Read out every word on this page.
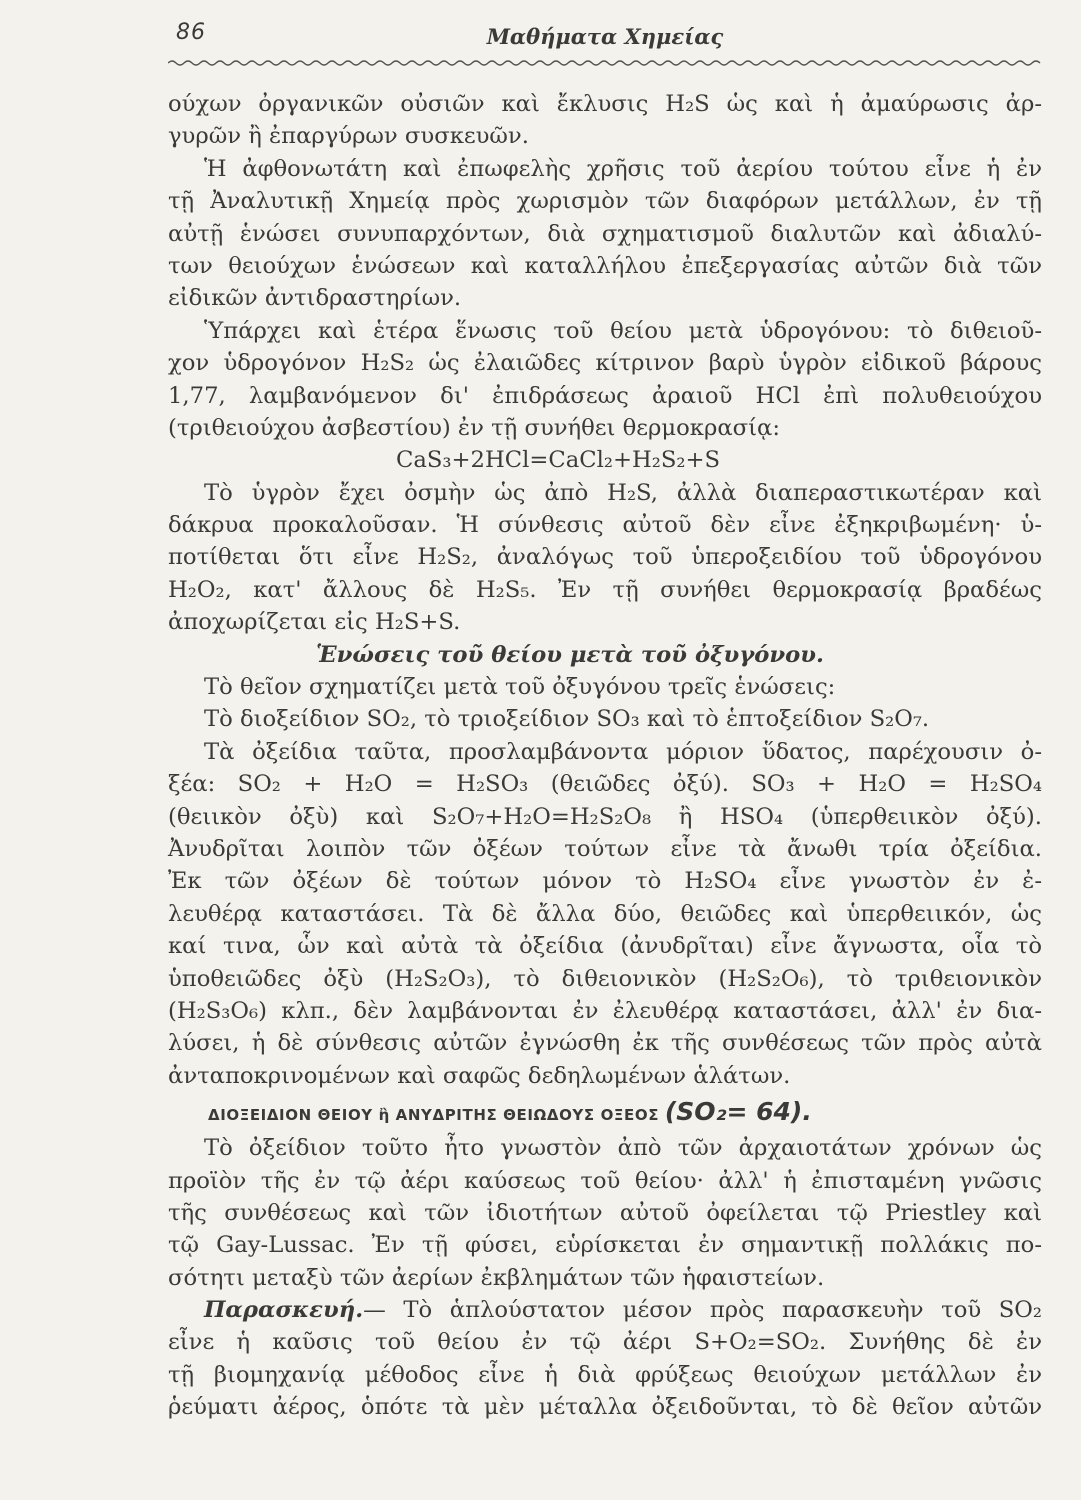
86	Μαθήματα Χημείας
ούχων ὀργανικῶν οὐσιῶν καὶ ἔκλυσις H₂S ὡς καὶ ἡ ἀμαύρωσις ἀρ-
γυρῶν ἢ ἐπαργύρων συσκευῶν.
Ἡ ἀφθονωτάτη καὶ ἐπωφελὴς χρῆσις τοῦ ἀερίου τούτου εἶνε ἡ ἐν
τῇ Ἀναλυτικῇ Χημείᾳ πρὸς χωρισμὸν τῶν διαφόρων μετάλλων, ἐν τῇ
αὐτῇ ἑνώσει συνυπαρχόντων, διὰ σχηματισμοῦ διαλυτῶν καὶ ἀδιαλύ-
των θειούχων ἑνώσεων καὶ καταλλήλου ἐπεξεργασίας αὐτῶν διὰ τῶν
εἰδικῶν ἀντιδραστηρίων.
Ὑπάρχει καὶ ἑτέρα ἕνωσις τοῦ θείου μετὰ ὑδρογόνου: τὸ διθειοῦ-
χον ὑδρογόνον H₂S₂ ὡς ἐλαιῶδες κίτρινον βαρὺ ὑγρὸν εἰδικοῦ βάρους
1,77, λαμβανόμενον δι' ἐπιδράσεως ἀραιοῦ HCl ἐπὶ πολυθειούχου
(τριθειούχου ἀσβεστίου) ἐν τῇ συνήθει θερμοκρασίᾳ:
CaS₃+2HCl=CaCl₂+H₂S₂+S
Τὸ ὑγρὸν ἔχει ὀσμὴν ὡς ἀπὸ H₂S, ἀλλὰ διαπεραστικωτέραν καὶ
δάκρυα προκαλοῦσαν. Ἡ σύνθεσις αὐτοῦ δὲν εἶνε ἐξηκριβωμένη· ὑ-
ποτίθεται ὅτι εἶνε H₂S₂, ἀναλόγως τοῦ ὑπεροξειδίου τοῦ ὑδρογόνου
H₂O₂, κατ' ἄλλους δὲ H₂S₅. Ἐν τῇ συνήθει θερμοκρασίᾳ βραδέως
ἀποχωρίζεται εἰς H₂S+S.
Ἑνώσεις τοῦ θείου μετὰ τοῦ ὀξυγόνου.
Τὸ θεῖον σχηματίζει μετὰ τοῦ ὀξυγόνου τρεῖς ἑνώσεις:
Τὸ διοξείδιον SO₂, τὸ τριοξείδιον SO₃ καὶ τὸ ἑπτοξείδιον S₂O₇.
Τὰ ὀξείδια ταῦτα, προσλαμβάνοντα μόριον ὕδατος, παρέχουσιν ὀ-
ξέα: SO₂ + H₂O = H₂SO₃ (θειῶδες ὀξύ). SO₃ + H₂O = H₂SO₄
(θειικὸν ὀξὺ) καὶ S₂O₇+H₂O=H₂S₂O₈ ἢ HSO₄ (ὑπερθειικὸν ὀξύ).
Ἀνυδρῖται λοιπὸν τῶν ὀξέων τούτων εἶνε τὰ ἄνωθι τρία ὀξείδια.
Ἐκ τῶν ὀξέων δὲ τούτων μόνον τὸ H₂SO₄ εἶνε γνωστὸν ἐν ἐ-
λευθέρᾳ καταστάσει. Τὰ δὲ ἄλλα δύο, θειῶδες καὶ ὑπερθειικόν, ὡς
καί τινα, ὧν καὶ αὐτὰ τὰ ὀξείδια (ἀνυδρῖται) εἶνε ἄγνωστα, οἷα τὸ
ὑποθειῶδες ὀξὺ (H₂S₂O₃), τὸ διθειονικὸν (H₂S₂O₆), τὸ τριθειονικὸν
(H₂S₃O₆) κλπ., δὲν λαμβάνονται ἐν ἐλευθέρᾳ καταστάσει, ἀλλ' ἐν δια-
λύσει, ἡ δὲ σύνθεσις αὐτῶν ἐγνώσθη ἐκ τῆς συνθέσεως τῶν πρὸς αὐτὰ
ἀνταποκρινομένων καὶ σαφῶς δεδηλωμένων ἁλάτων.
ΔΙΟΞΕΙΔΙΟΝ ΘΕΙΟΥ ἢ ΑΝΥΔΡΙΤΗΣ ΘΕΙΩΔΟΥΣ ΟΞΕΟΣ (SO₂= 64).
Τὸ ὀξείδιον τοῦτο ἦτο γνωστὸν ἀπὸ τῶν ἀρχαιοτάτων χρόνων ὡς
προϊὸν τῆς ἐν τῷ ἀέρι καύσεως τοῦ θείου· ἀλλ' ἡ ἐπισταμένη γνῶσις
τῆς συνθέσεως καὶ τῶν ἰδιοτήτων αὐτοῦ ὀφείλεται τῷ Priestley καὶ
τῷ Gay-Lussac. Ἐν τῇ φύσει, εὑρίσκεται ἐν σημαντικῇ πολλάκις πο-
σότητι μεταξὺ τῶν ἀερίων ἐκβλημάτων τῶν ἡφαιστείων.
Παρασκευή.— Τὸ ἁπλούστατον μέσον πρὸς παρασκευὴν τοῦ SO₂
εἶνε ἡ καῦσις τοῦ θείου ἐν τῷ ἀέρι S+O₂=SO₂. Συνήθης δὲ ἐν
τῇ βιομηχανίᾳ μέθοδος εἶνε ἡ διὰ φρύξεως θειούχων μετάλλων ἐν
ῥεύματι ἀέρος, ὁπότε τὰ μὲν μέταλλα ὀξειδοῦνται, τὸ δὲ θεῖον αὐτῶν
